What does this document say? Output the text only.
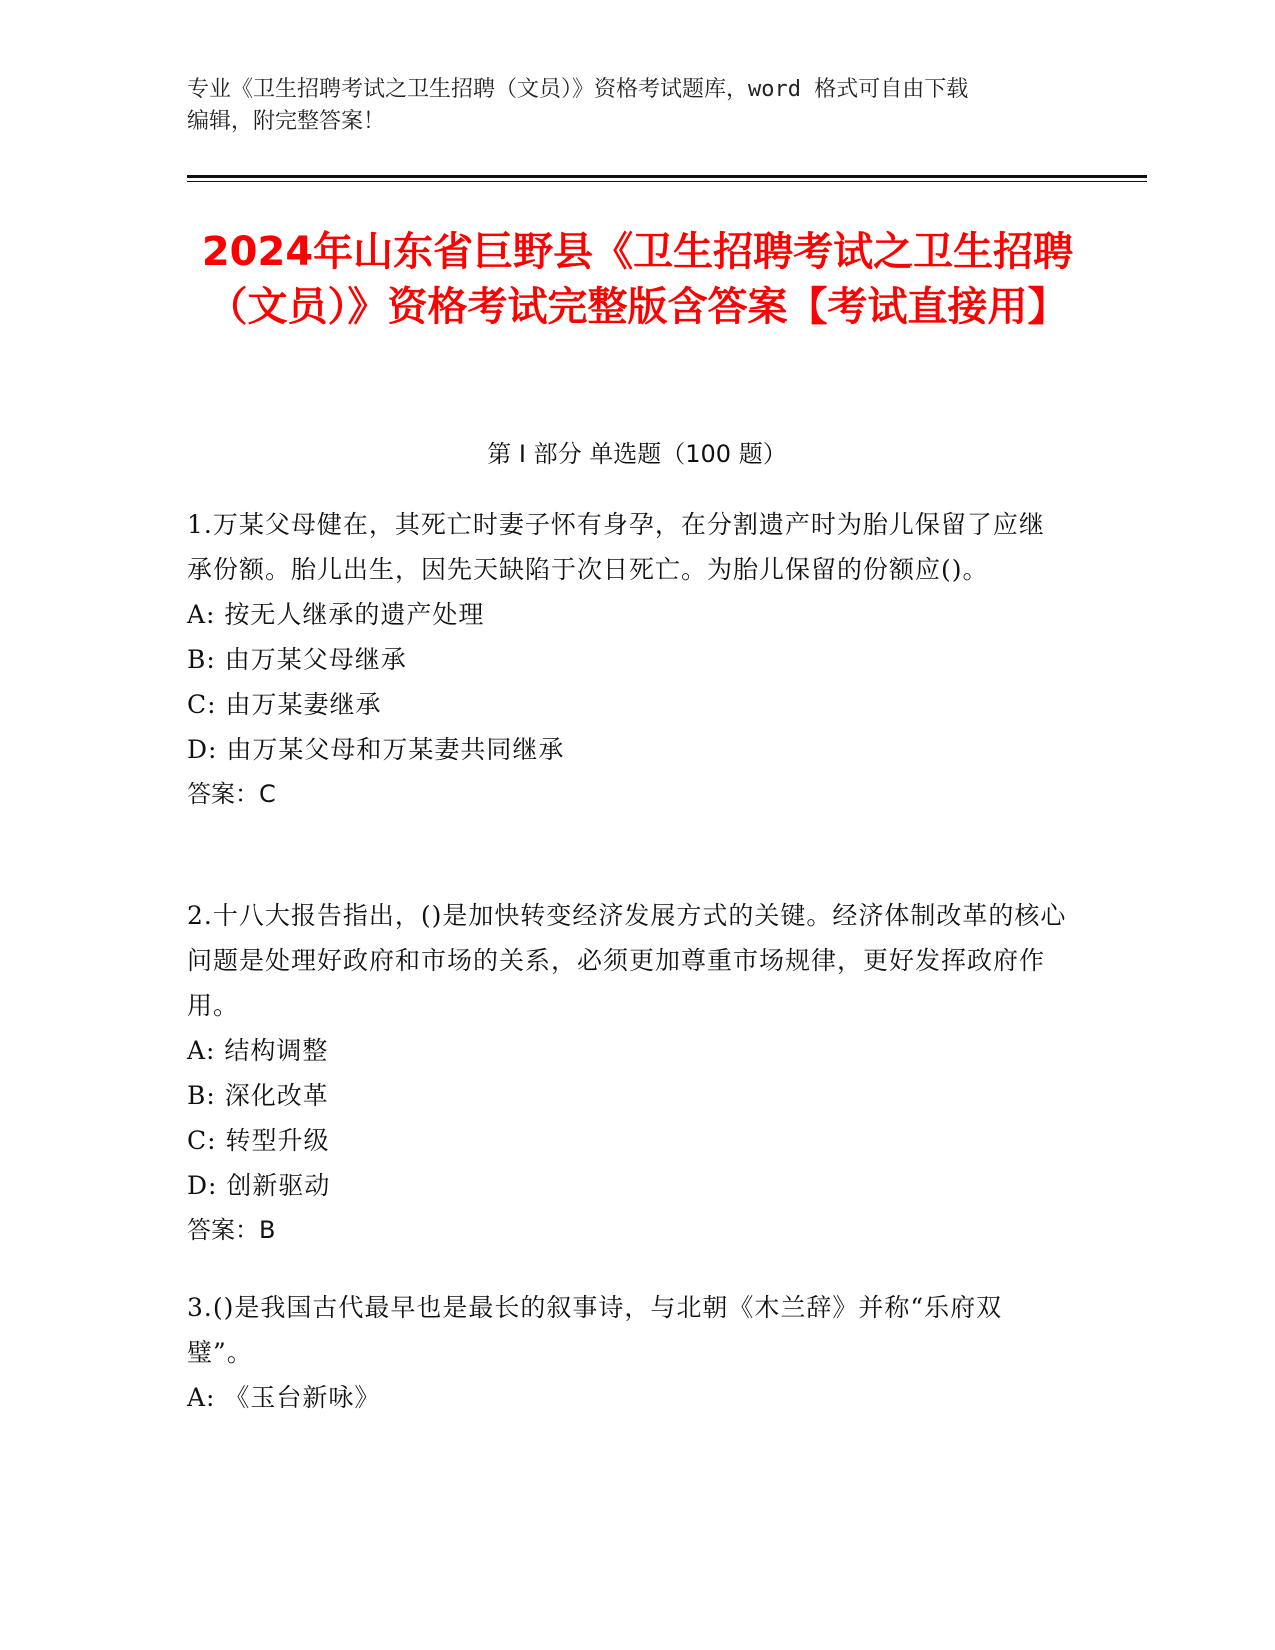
专业《卫生招聘考试之卫生招聘（文员）》资格考试题库，word 格式可自由下载
编辑，附完整答案！
2024年山东省巨野县《卫生招聘考试之卫生招聘（文员）》资格考试完整版含答案【考试直接用】
第 I 部分 单选题（100 题）
1.万某父母健在，其死亡时妻子怀有身孕，在分割遗产时为胎儿保留了应继承份额。胎儿出生，因先天缺陷于次日死亡。为胎儿保留的份额应()。
A: 按无人继承的遗产处理
B: 由万某父母继承
C: 由万某妻继承
D: 由万某父母和万某妻共同继承
答案：C
2.十八大报告指出，()是加快转变经济发展方式的关键。经济体制改革的核心问题是处理好政府和市场的关系，必须更加尊重市场规律，更好发挥政府作用。
A: 结构调整
B: 深化改革
C: 转型升级
D: 创新驱动
答案：B
3.()是我国古代最早也是最长的叙事诗，与北朝《木兰辞》并称“乐府双璧”。
A: 《玉台新咏》
